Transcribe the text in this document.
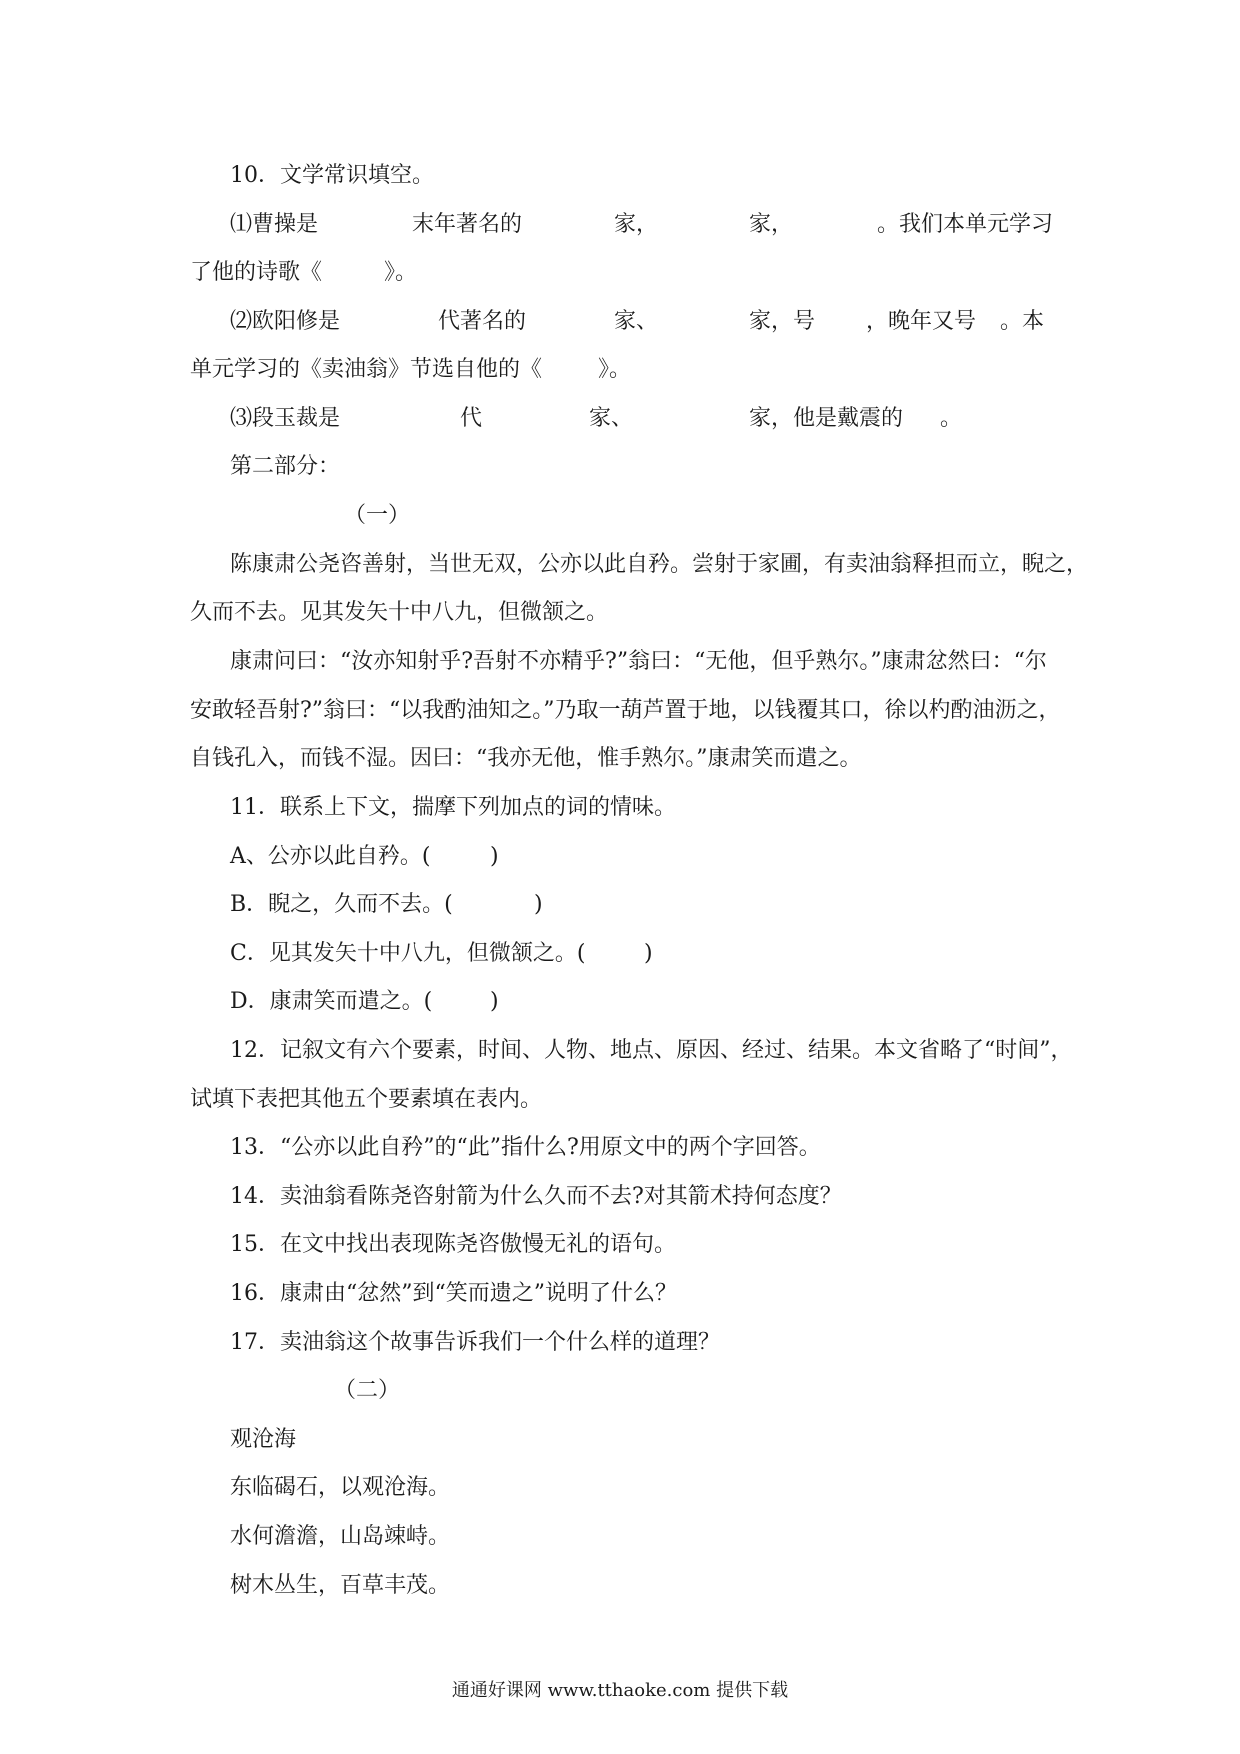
10．文学常识填空。

⑴曹操是

	末年著名的

	家，

	家，

	。我们本单元学习

了他的诗歌《

	》。

⑵欧阳修是

	代著名的

	家、

	家，号

，晚年又号

。本

单元学习的《卖油翁》节选自他的《

	》。

⑶段玉裁是

	代

	家、

	家，他是戴震的

。

第二部分：

（一）

陈康肃公尧咨善射，当世无双，公亦以此自矜。尝射于家圃，有卖油翁释担而立，睨之，

久而不去。见其发矢十中八九，但微颔之。

康肃问曰：“汝亦知射乎?吾射不亦精乎?”翁曰：“无他，但乎熟尔。”康肃忿然曰：“尔

安敢轻吾射?”翁曰：“以我酌油知之。”乃取一葫芦置于地，以钱覆其口，徐以杓酌油沥之，

自钱孔入，而钱不湿。因曰：“我亦无他，惟手熟尔。”康肃笑而遣之。

11．联系上下文，揣摩下列加点的词的情味。

A、公亦以此自矜。(

	)

B．睨之，久而不去。(

	)

C．见其发矢十中八九，但微颔之。(

	)

D．康肃笑而遣之。(

	)

12．记叙文有六个要素，时间、人物、地点、原因、经过、结果。本文省略了“时间”，

试填下表把其他五个要素填在表内。

13．“公亦以此自矜”的“此”指什么?用原文中的两个字回答。

14．卖油翁看陈尧咨射箭为什么久而不去?对其箭术持何态度？

15．在文中找出表现陈尧咨傲慢无礼的语句。

16．康肃由“忿然”到“笑而遗之”说明了什么？

17．卖油翁这个故事告诉我们一个什么样的道理？

（二）

观沧海

东临碣石，以观沧海。

水何澹澹，山岛竦峙。

树木丛生，百草丰茂。

通通好课网 www.tthaoke.com 提供下载
